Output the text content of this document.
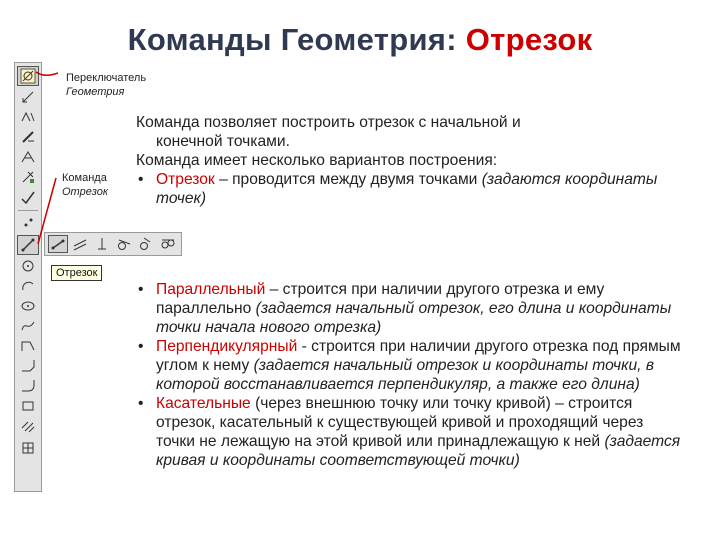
Команды Геометрия: Отрезок
Переключатель
Геометрия
Команда
Отрезок
Отрезок

Команда позволяет построить отрезок с начальной и

конечной точками.

Команда имеет несколько вариантов построения:

• Отрезок – проводится между двумя точками (задаются координаты точек)

• Параллельный – строится при наличии другого отрезка и ему параллельно (задается начальный отрезок, его длина и координаты точки начала нового отрезка)

• Перпендикулярный - строится при наличии другого отрезка под прямым углом к нему (задается начальный отрезок и координаты точки, в которой восстанавливается перпендикуляр, а также его длина)

• Касательные (через внешнюю точку или точку кривой) – строится отрезок, касательный к существующей кривой и проходящий через точки не лежащую на этой кривой или принадлежащую к ней (задается кривая и координаты соответствующей точки)
